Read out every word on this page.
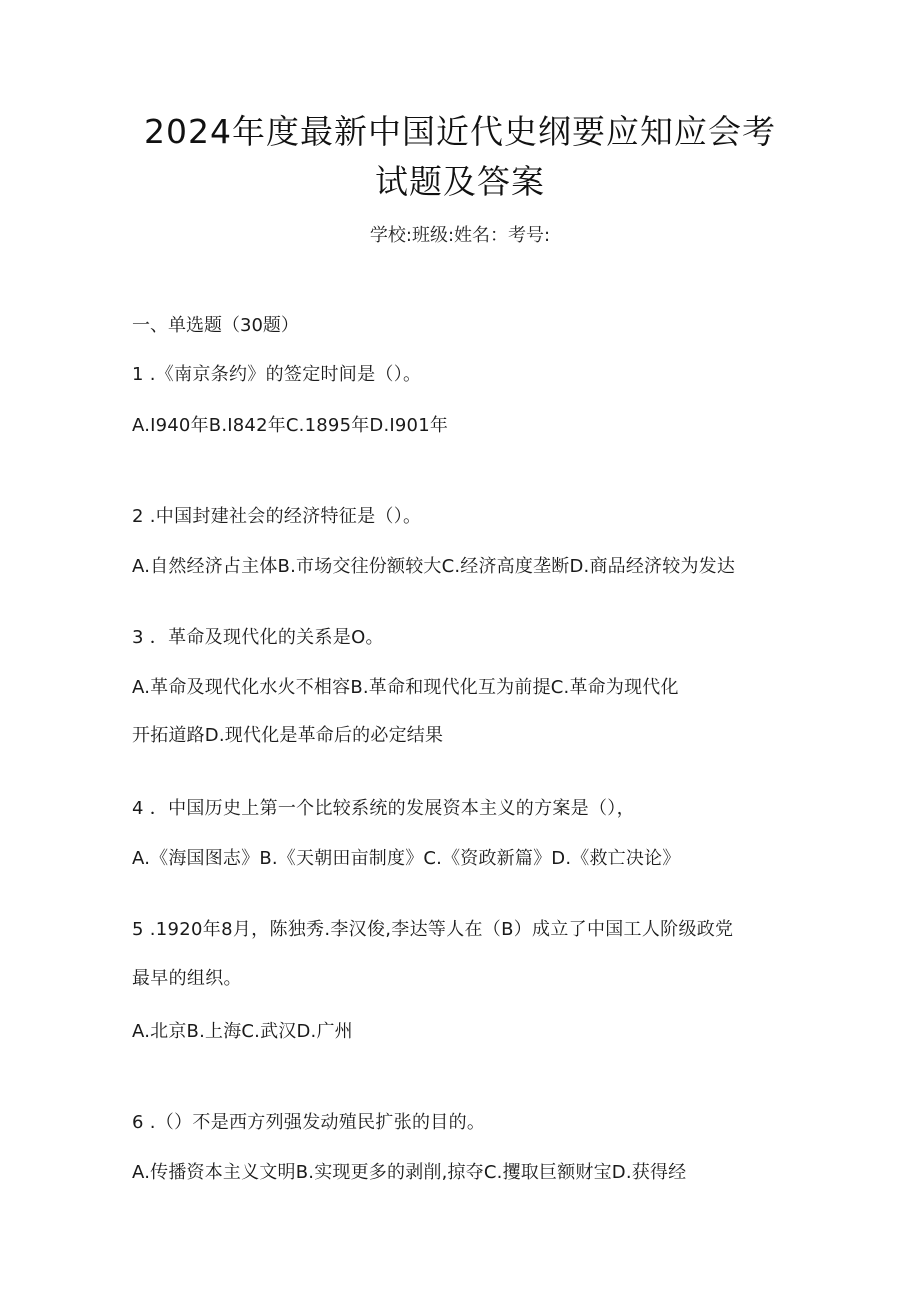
2024年度最新中国近代史纲要应知应会考
试题及答案
学校:班级:姓名：考号:
一、单选题（30题）
1 .《南京条约》的签定时间是（）。
A.I940年B.I842年C.1895年D.I901年
2 .中国封建社会的经济特征是（）。
A.自然经济占主体B.市场交往份额较大C.经济高度垄断D.商品经济较为发达
3 ．革命及现代化的关系是O。
A.革命及现代化水火不相容B.革命和现代化互为前提C.革命为现代化
开拓道路D.现代化是革命后的必定结果
4 ．中国历史上第一个比较系统的发展资本主义的方案是（），
A.《海国图志》B.《天朝田亩制度》C.《资政新篇》D.《救亡决论》
5 .1920年8月，陈独秀.李汉俊,李达等人在（B）成立了中国工人阶级政党
最早的组织。
A.北京B.上海C.武汉D.广州
6 .（）不是西方列强发动殖民扩张的目的。
A.传播资本主义文明B.实现更多的剥削,掠夺C.攫取巨额财宝D.获得经
